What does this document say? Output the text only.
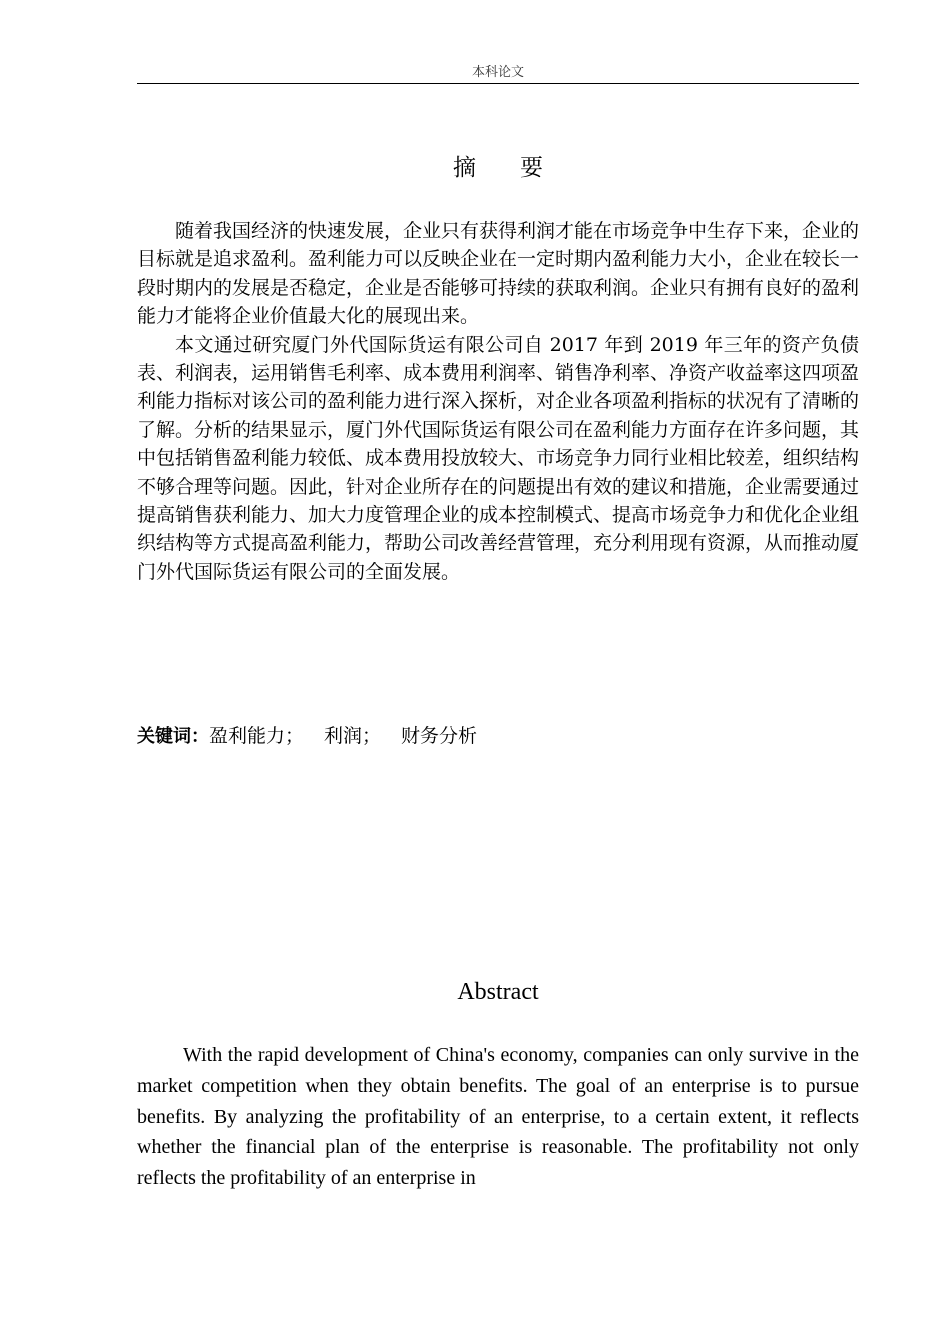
本科论文
摘 要

随着我国经济的快速发展，企业只有获得利润才能在市场竞争中生存下来，企业的目标就是追求盈利。盈利能力可以反映企业在一定时期内盈利能力大小，企业在较长一段时期内的发展是否稳定，企业是否能够可持续的获取利润。企业只有拥有良好的盈利能力才能将企业价值最大化的展现出来。

本文通过研究厦门外代国际货运有限公司自 2017 年到 2019 年三年的资产负债表、利润表，运用销售毛利率、成本费用利润率、销售净利率、净资产收益率这四项盈利能力指标对该公司的盈利能力进行深入探析，对企业各项盈利指标的状况有了清晰的了解。分析的结果显示，厦门外代国际货运有限公司在盈利能力方面存在许多问题，其中包括销售盈利能力较低、成本费用投放较大、市场竞争力同行业相比较差，组织结构不够合理等问题。因此，针对企业所存在的问题提出有效的建议和措施，企业需要通过提高销售获利能力、加大力度管理企业的成本控制模式、提高市场竞争力和优化企业组织结构等方式提高盈利能力，帮助公司改善经营管理，充分利用现有资源，从而推动厦门外代国际货运有限公司的全面发展。

关键词：盈利能力； 利润； 财务分析
Abstract

With the rapid development of China's economy, companies can only survive in the market competition when they obtain benefits. The goal of an enterprise is to pursue benefits. By analyzing the profitability of an enterprise, to a certain extent, it reflects whether the financial plan of the enterprise is reasonable. The profitability not only reflects the profitability of an enterprise in
